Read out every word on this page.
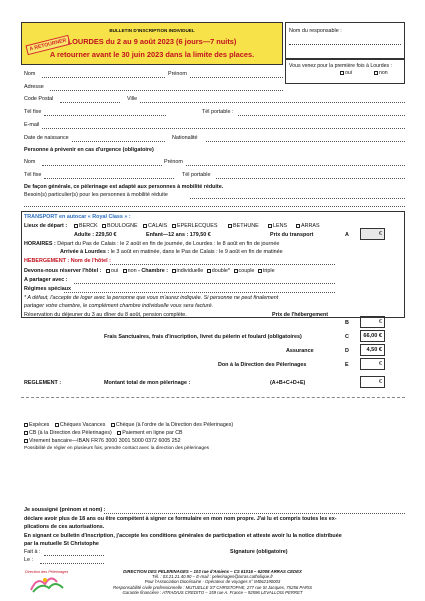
BULLETIN D'INSCRIPTION INDIVIDUEL
LOURDES du 2 au 9 août 2023 (6 jours—7 nuits)
A retourner avant le 30 juin 2023 dans la limite des places.
A RETOURNER
Nom du responsable :
Vous venez pour la première fois à Lourdes :
oui	non
Nom	Prénom
Adresse
Code Postal	Ville
Tél fixe	Tél portable :
E-mail
Date de naissance	Nationalité
Personne à prévenir en cas d'urgence (obligatoire)
Nom	Prénom
Tél fixe	Tél portable
De façon générale, ce pèlerinage est adapté aux personnes à mobilité réduite.
Besoin(s) particulier(s) pour les personnes à mobilité réduite
TRANSPORT en autocar « Royal Class » :
Lieux de départ :	BERCK	BOULOGNE	CALAIS	EPERLECQUES	BETHUNE	LENS	ARRAS
Adulte : 229,50 €	Enfant—12 ans : 179,50 €	Prix du transport	A	€
HORAIRES : Départ du Pas de Calais : le 2 août en fin de journée, de Lourdes : le 8 août en fin de journée
Arrivée à Lourdes : le 3 août en matinée, dans le Pas de Calais : le 9 août en fin de matinée
HEBERGEMENT : Nom de l'hôtel :
Devons-nous réserver l'hôtel : oui non - Chambre : individuelle double* couple triple
A partager avec :
Régimes spéciaux
* A défaut, l'accepte de loger avec la personne que vous m'aurez indiquée. Si personne ne peut finalement
partager votre chambre, le complément chambre individuelle vous sera facturé.
Réservation du déjeuner du 3 au dîner du 8 août, pension complète.	Prix de l'hébergement
B	€
Frais Sanctuaires, frais d'inscription, livret du pèlerin et foulard (obligatoires)	C	66,00 €
Assurance	D	4,50 €
Don à la Direction des Pèlerinages	E	€
REGLEMENT :	Montant total de mon pèlerinage :	(A+B+C+D+E)	€
Espèces Chèques Vacances Chèque (à l'ordre de la Direction des Pèlerinages)
CB (à la Direction des Pèlerinages) Paiement en ligne par CB
Virement bancaire—IBAN FR76 3000 3001 5000 0372 6005 252
Possibilité de régler en plusieurs fois, prendre contact avec la direction des pèlerinages
Je soussigné (prénom et nom) :
déclare avoir plus de 18 ans ou être compétent à signer ce formulaire en mon nom propre. J'ai lu et compris toutes les ex-
plications de ces autorisations.
En signant ce bulletin d'inscription, j'accepte les conditions générales de participation et atteste avoir lu la notice distribuée
par la mutuelle St Christophe
Fait à :	Signature (obligatoire)
Le :
Direction des Pèlerinages	DIRECTION DES PELERINAGES – 103 rue d'Amiens – CS 61016 – 62008 ARRAS CEDEX
Tél. : 03.21.21.40.90 – E-mail : pelerinages@arras.catholique.fr
Pour l'Association Diocésaine - Opérateur de voyages n° IM062190003
Responsabilité civile professionnelle : MUTUELLE ST CHRISTOPHE, 277 rue St Jacques, 75256 PARIS
Garantie financière : ATRADIUS CREDITO – 159 rue A. France – 92596 LEVALLOIS PERRET
